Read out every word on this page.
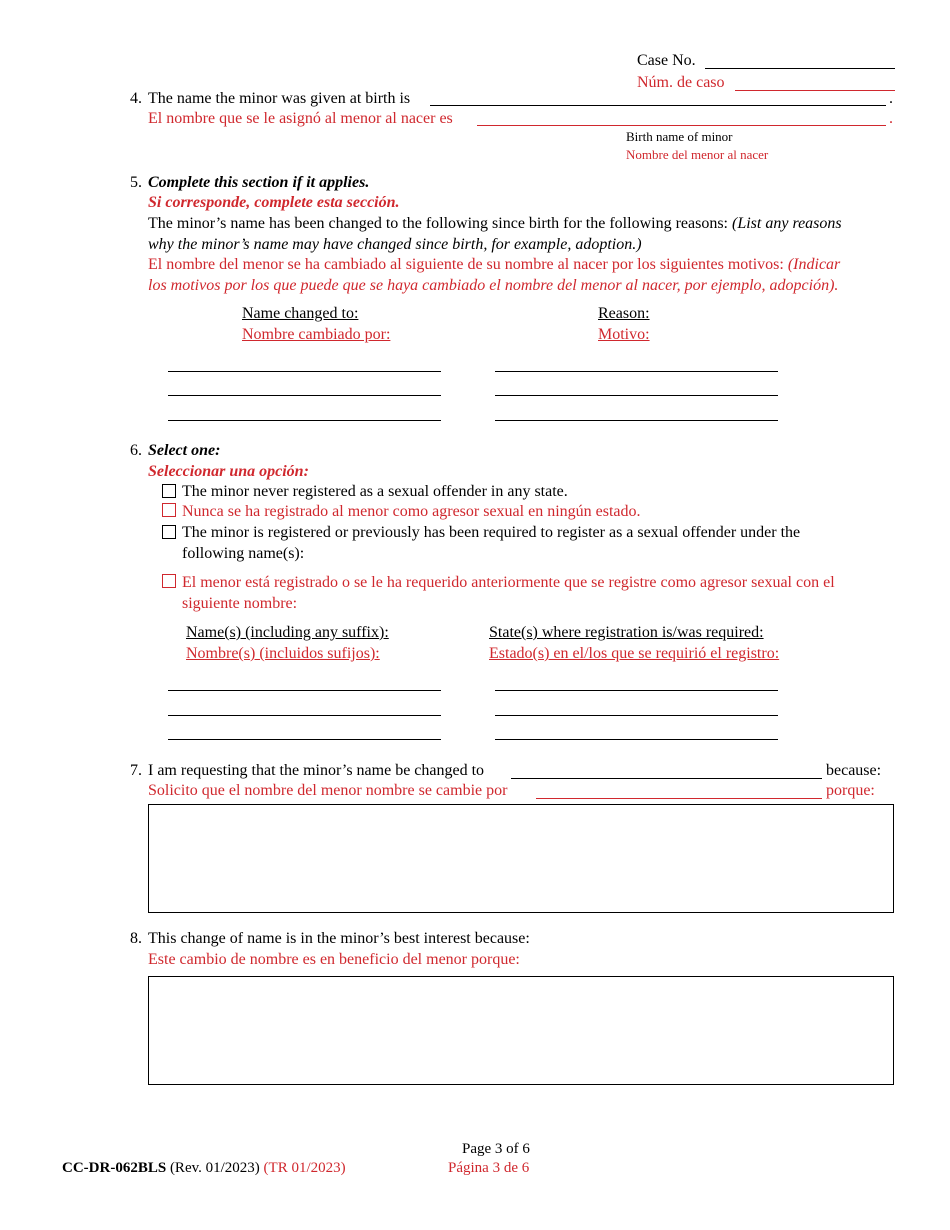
Case No.
Núm. de caso
4. The name the minor was given at birth is	.
El nombre que se le asignó al menor al nacer es	.
Birth name of minor
Nombre del menor al nacer
5. Complete this section if it applies.
Si corresponde, complete esta sección.
The minor’s name has been changed to the following since birth for the following reasons: (List any reasons
why the minor’s name may have changed since birth, for example, adoption.)
El nombre del menor se ha cambiado al siguiente de su nombre al nacer por los siguientes motivos: (Indicar
los motivos por los que puede que se haya cambiado el nombre del menor al nacer, por ejemplo, adopción).
Name changed to:
Nombre cambiado por:
Reason:
Motivo:
6. Select one:
Seleccionar una opción:
The minor never registered as a sexual offender in any state.
Nunca se ha registrado al menor como agresor sexual en ningún estado.
The minor is registered or previously has been required to register as a sexual offender under the
following name(s):
El menor está registrado o se le ha requerido anteriormente que se registre como agresor sexual con el
siguiente nombre:
Name(s) (including any suffix):
Nombre(s) (incluidos sufijos):
State(s) where registration is/was required:
Estado(s) en el/los que se requirió el registro:
7. I am requesting that the minor’s name be changed to	because:
Solicito que el nombre del menor nombre se cambie por	porque:
8. This change of name is in the minor’s best interest because:
Este cambio de nombre es en beneficio del menor porque:
Page 3 of 6
Página 3 de 6
CC-DR-062BLS (Rev. 01/2023) (TR 01/2023)
